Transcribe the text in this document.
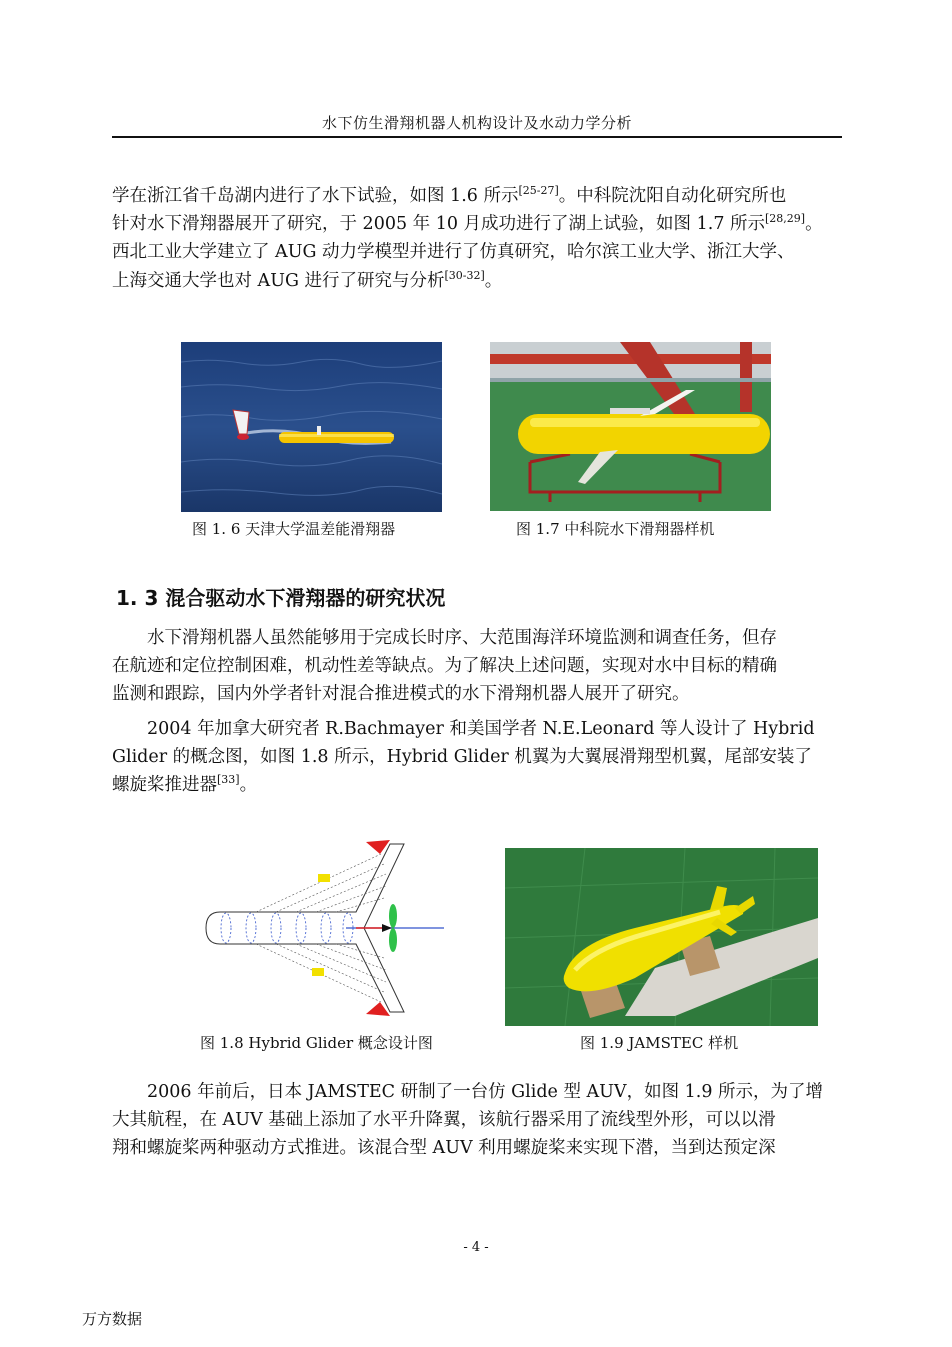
水下仿生滑翔机器人机构设计及水动力学分析
学在浙江省千岛湖内进行了水下试验，如图 1.6 所示[25-27]。中科院沈阳自动化研究所也
针对水下滑翔器展开了研究，于 2005 年 10 月成功进行了湖上试验，如图 1.7 所示[28,29]。
西北工业大学建立了 AUG 动力学模型并进行了仿真研究，哈尔滨工业大学、浙江大学、
上海交通大学也对 AUG 进行了研究与分析[30-32]。
图 1. 6 天津大学温差能滑翔器	图 1.7 中科院水下滑翔器样机
1. 3 混合驱动水下滑翔器的研究状况
水下滑翔机器人虽然能够用于完成长时序、大范围海洋环境监测和调查任务，但存
在航迹和定位控制困难，机动性差等缺点。为了解决上述问题，实现对水中目标的精确
监测和跟踪，国内外学者针对混合推进模式的水下滑翔机器人展开了研究。
2004 年加拿大研究者 R.Bachmayer 和美国学者 N.E.Leonard 等人设计了 Hybrid
Glider 的概念图，如图 1.8 所示，Hybrid Glider 机翼为大翼展滑翔型机翼，尾部安装了
螺旋桨推进器[33]。
图 1.8 Hybrid Glider 概念设计图	图 1.9 JAMSTEC 样机
2006 年前后，日本 JAMSTEC 研制了一台仿 Glide 型 AUV，如图 1.9 所示，为了增
大其航程，在 AUV 基础上添加了水平升降翼，该航行器采用了流线型外形，可以以滑
翔和螺旋桨两种驱动方式推进。该混合型 AUV 利用螺旋桨来实现下潜，当到达预定深
- 4 -
万方数据
